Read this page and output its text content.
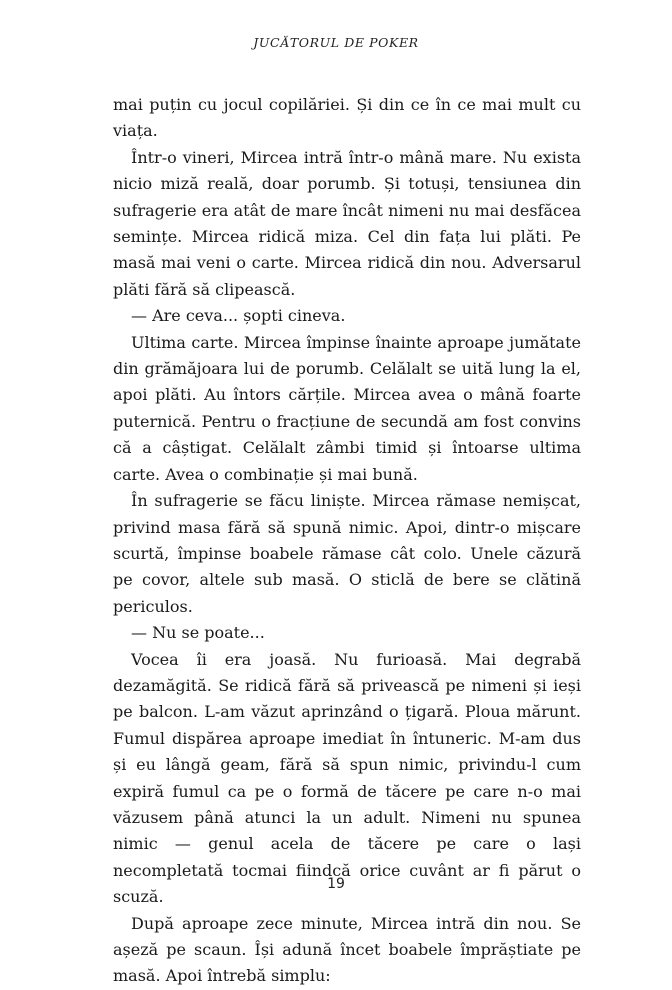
JUCĂTORUL DE POKER

mai puțin cu jocul copilăriei. Și din ce în ce mai mult cu viața.

Într-o vineri, Mircea intră într-o mână mare. Nu exista nicio miză reală, doar porumb. Și totuși, tensiunea din sufragerie era atât de mare încât nimeni nu mai desfăcea semințe. Mircea ridică miza. Cel din fața lui plăti. Pe masă mai veni o carte. Mircea ridică din nou. Adversarul plăti fără să clipească.

— Are ceva... șopti cineva.

Ultima carte. Mircea împinse înainte aproape jumătate din grămăjoara lui de porumb. Celălalt se uită lung la el, apoi plăti. Au întors cărțile. Mircea avea o mână foarte puternică. Pentru o fracțiune de secundă am fost convins că a câștigat. Celălalt zâmbi timid și întoarse ultima carte. Avea o combinație și mai bună.

În sufragerie se făcu liniște. Mircea rămase nemișcat, privind masa fără să spună nimic. Apoi, dintr-o mișcare scurtă, împinse boabele rămase cât colo. Unele căzură pe covor, altele sub masă. O sticlă de bere se clătină periculos.

— Nu se poate...

Vocea îi era joasă. Nu furioasă. Mai degrabă dezamăgită. Se ridică fără să privească pe nimeni și ieși pe balcon. L-am văzut aprinzând o țigară. Ploua mărunt. Fumul dispărea aproape imediat în întuneric. M-am dus și eu lângă geam, fără să spun nimic, privindu-l cum expiră fumul ca pe o formă de tăcere pe care n-o mai văzusem până atunci la un adult. Nimeni nu spunea nimic — genul acela de tăcere pe care o lași necompletată tocmai fiindcă orice cuvânt ar fi părut o scuză.

După aproape zece minute, Mircea intră din nou. Se așeză pe scaun. Își adună încet boabele împrăștiate pe masă. Apoi întrebă simplu:

19
